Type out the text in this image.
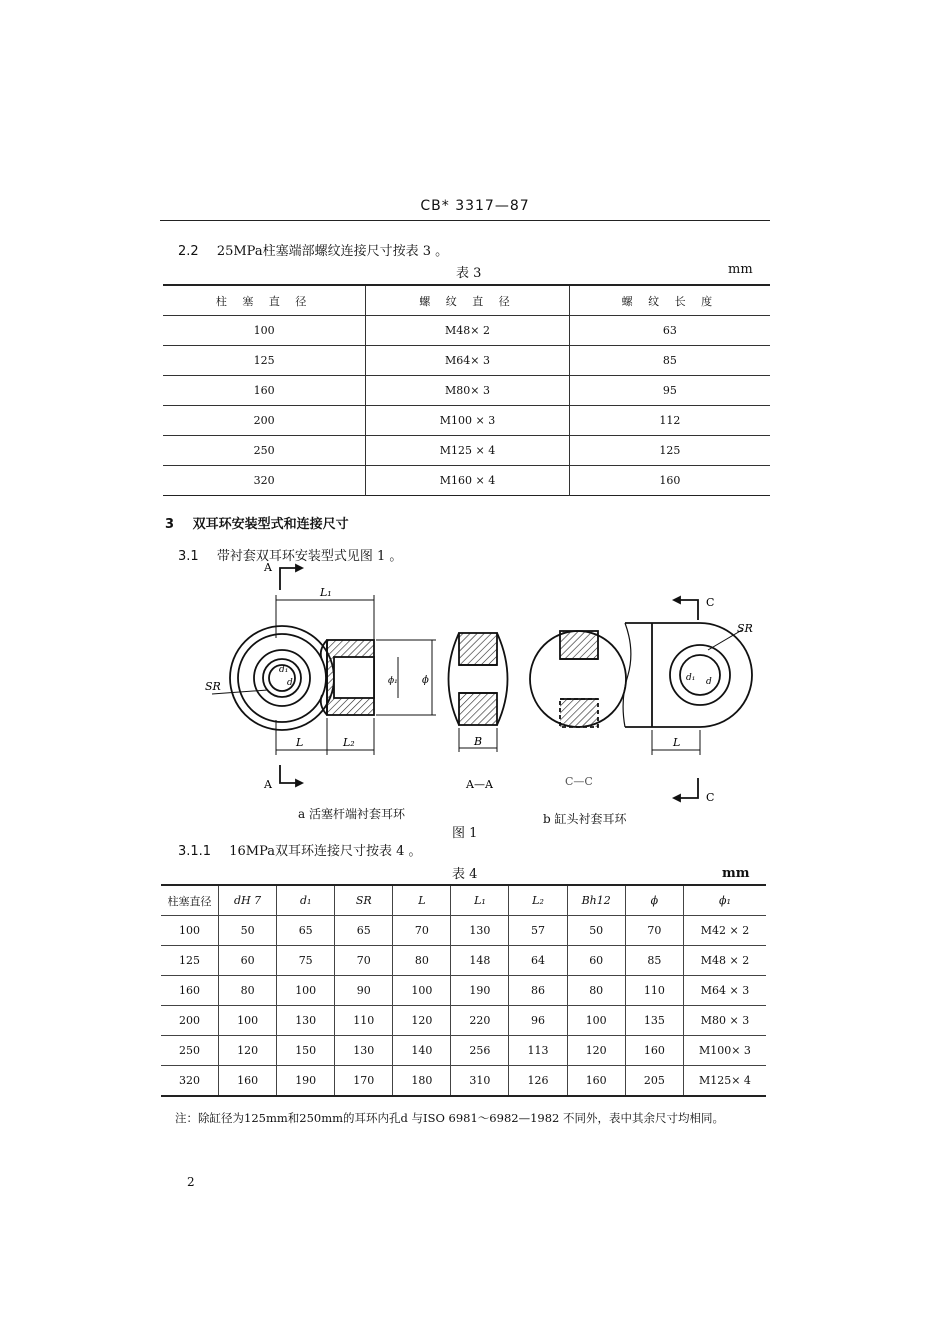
CB* 3317—87
2.2 25MPa柱塞端部螺纹连接尺寸按表 3 。
表 3	mm
柱 塞 直 径	螺 纹 直 径	螺 纹 长 度
100	M48× 2	63
125	M64× 3	85
160	M80× 3	95
200	M100 × 3	112
250	M125 × 4	125
320	M160 × 4	160
3 双耳环安装型式和连接尺寸
3.1 带衬套双耳环安装型式见图 1 。
A
A
L₁
SR
d₁
d	ϕ₁ ϕ
L	L₂	B
A—A	C—C
C
C
SR
d₁ d
L
a 活塞杆端衬套耳环	b 缸头衬套耳环
图 1
3.1.1 16MPa双耳环连接尺寸按表 4 。
表 4	mm
柱塞直径	dH 7	d₁	SR	L	L₁	L₂	Bh12	ϕ	ϕ₁
100	50	65	65	70	130	57	50	70	M42 × 2
125	60	75	70	80	148	64	60	85	M48 × 2
160	80	100	90	100	190	86	80	110	M64 × 3
200	100	130	110	120	220	96	100	135	M80 × 3
250	120	150	130	140	256	113	120	160	M100× 3
320	160	190	170	180	310	126	160	205	M125× 4
注：除缸径为125mm和250mm的耳环内孔d 与ISO 6981～6982—1982 不同外，表中其余尺寸均相同。
2
